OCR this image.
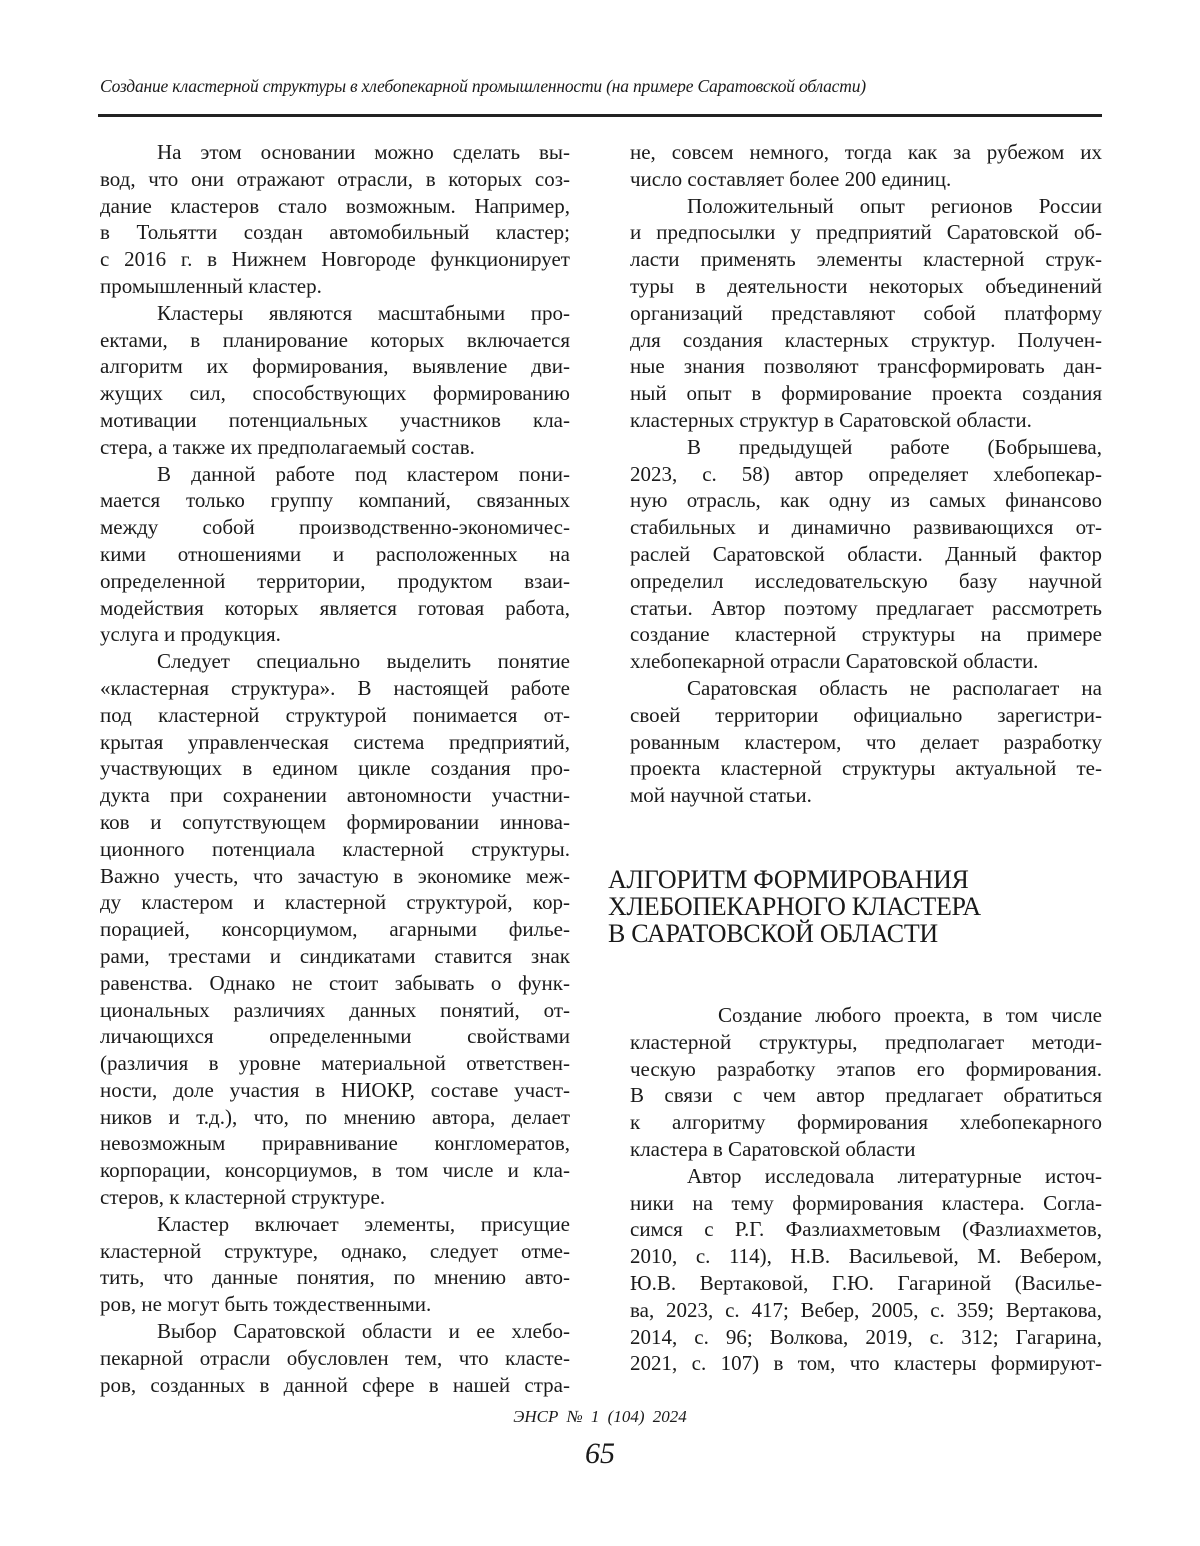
Создание кластерной структуры в хлебопекарной промышленности (на примере Саратовской области)
На этом основании можно сделать вы-
вод, что они отражают отрасли, в которых соз-
дание кластеров стало возможным. Например,
в Тольятти создан автомобильный кластер;
с 2016 г. в Нижнем Новгороде функционирует
промышленный кластер.
Кластеры являются масштабными про-
ектами, в планирование которых включается
алгоритм их формирования, выявление дви-
жущих сил, способствующих формированию
мотивации потенциальных участников кла-
стера, а также их предполагаемый состав.
В данной работе под кластером пони-
мается только группу компаний, связанных
между собой производственно-экономичес-
кими отношениями и расположенных на
определенной территории, продуктом взаи-
модействия которых является готовая работа,
услуга и продукция.
Следует специально выделить понятие
«кластерная структура». В настоящей работе
под кластерной структурой понимается от-
крытая управленческая система предприятий,
участвующих в едином цикле создания про-
дукта при сохранении автономности участни-
ков и сопутствующем формировании иннова-
ционного потенциала кластерной структуры.
Важно учесть, что зачастую в экономике меж-
ду кластером и кластерной структурой, кор-
порацией, консорциумом, агарными филье-
рами, трестами и синдикатами ставится знак
равенства. Однако не стоит забывать о функ-
циональных различиях данных понятий, от-
личающихся определенными свойствами
(различия в уровне материальной ответствен-
ности, доле участия в НИОКР, составе участ-
ников и т.д.), что, по мнению автора, делает
невозможным приравнивание конгломератов,
корпорации, консорциумов, в том числе и кла-
стеров, к кластерной структуре.
Кластер включает элементы, присущие
кластерной структуре, однако, следует отме-
тить, что данные понятия, по мнению авто-
ров, не могут быть тождественными.
Выбор Саратовской области и ее хлебо-
пекарной отрасли обусловлен тем, что класте-
ров, созданных в данной сфере в нашей стра-
не, совсем немного, тогда как за рубежом их
число составляет более 200 единиц.
Положительный опыт регионов России
и предпосылки у предприятий Саратовской об-
ласти применять элементы кластерной струк-
туры в деятельности некоторых объединений
организаций представляют собой платформу
для создания кластерных структур. Получен-
ные знания позволяют трансформировать дан-
ный опыт в формирование проекта создания
кластерных структур в Саратовской области.
В предыдущей работе (Бобрышева,
2023, с. 58) автор определяет хлебопекар-
ную отрасль, как одну из самых финансово
стабильных и динамично развивающихся от-
раслей Саратовской области. Данный фактор
определил исследовательскую базу научной
статьи. Автор поэтому предлагает рассмотреть
создание кластерной структуры на примере
хлебопекарной отрасли Саратовской области.
Саратовская область не располагает на
своей территории официально зарегистри-
рованным кластером, что делает разработку
проекта кластерной структуры актуальной те-
мой научной статьи.
АЛГОРИТМ ФОРМИРОВАНИЯ
ХЛЕБОПЕКАРНОГО КЛАСТЕРА
В САРАТОВСКОЙ ОБЛАСТИ
Создание любого проекта, в том числе
кластерной структуры, предполагает методи-
ческую разработку этапов его формирования.
В связи с чем автор предлагает обратиться
к алгоритму формирования хлебопекарного
кластера в Саратовской области
Автор исследовала литературные источ-
ники на тему формирования кластера. Согла-
симся с Р.Г. Фазлиахметовым (Фазлиахметов,
2010, с. 114), Н.В. Васильевой, М. Вебером,
Ю.В. Вертаковой, Г.Ю. Гагариной (Василье-
ва, 2023, с. 417; Вебер, 2005, с. 359; Вертакова,
2014, с. 96; Волкова, 2019, с. 312; Гагарина,
2021, с. 107) в том, что кластеры формируют-
ЭНСР № 1 (104) 2024
65
